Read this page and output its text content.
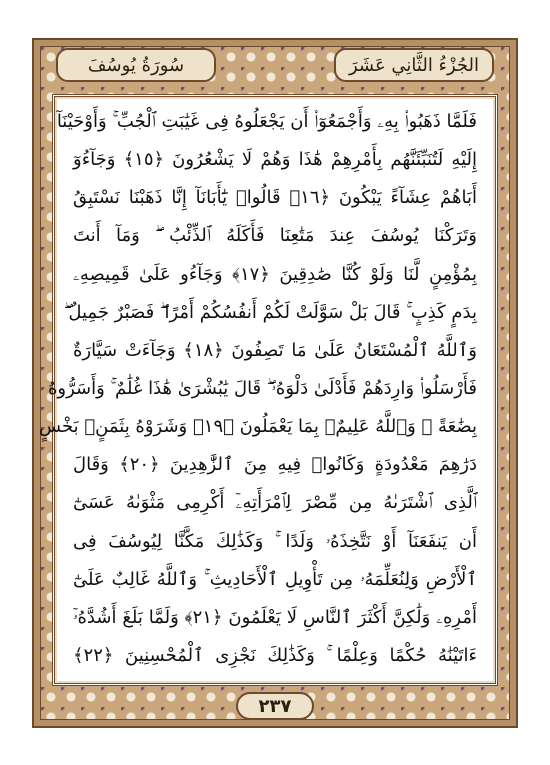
سُورَةُ يُوسُفَ	الجُزْءُ الثَّانِي عَشَرَ
فَلَمَّا ذَهَبُوا۟ بِهِۦ وَأَجْمَعُوٓا۟ أَن يَجْعَلُوهُ فِى غَيَٰبَتِ ٱلْجُبِّ ۚ وَأَوْحَيْنَآ
إِلَيْهِ لَتُنَبِّئَنَّهُم بِأَمْرِهِمْ هَٰذَا وَهُمْ لَا يَشْعُرُونَ ﴿١٥﴾ وَجَآءُوٓ
أَبَاهُمْ عِشَآءً يَبْكُونَ ﴿١٦﴾ قَالُوا۟ يَٰٓأَبَانَآ إِنَّا ذَهَبْنَا نَسْتَبِقُ
وَتَرَكْنَا يُوسُفَ عِندَ مَتَٰعِنَا فَأَكَلَهُ ٱلذِّئْبُ ۖ وَمَآ أَنتَ
بِمُؤْمِنٍ لَّنَا وَلَوْ كُنَّا صَٰدِقِينَ ﴿١٧﴾ وَجَآءُو عَلَىٰ قَمِيصِهِۦ
بِدَمٍ كَذِبٍ ۚ قَالَ بَلْ سَوَّلَتْ لَكُمْ أَنفُسُكُمْ أَمْرًا ۖ فَصَبْرٌ جَمِيلٌ ۖ
وَٱللَّهُ ٱلْمُسْتَعَانُ عَلَىٰ مَا تَصِفُونَ ﴿١٨﴾ وَجَآءَتْ سَيَّارَةٌ
فَأَرْسَلُوا۟ وَارِدَهُمْ فَأَدْلَىٰ دَلْوَهُۥ ۖ قَالَ يَٰبُشْرَىٰ هَٰذَا غُلَٰمٌ ۚ وَأَسَرُّوهُ
بِضَٰعَةً ۚ وَٱللَّهُ عَلِيمٌۢ بِمَا يَعْمَلُونَ ﴿١٩﴾ وَشَرَوْهُ بِثَمَنٍۭ بَخْسٍ
دَرَٰهِمَ مَعْدُودَةٍ وَكَانُوا۟ فِيهِ مِنَ ٱلزَّٰهِدِينَ ﴿٢٠﴾ وَقَالَ
ٱلَّذِى ٱشْتَرَىٰهُ مِن مِّصْرَ لِٱمْرَأَتِهِۦٓ أَكْرِمِى مَثْوَىٰهُ عَسَىٰٓ
أَن يَنفَعَنَآ أَوْ نَتَّخِذَهُۥ وَلَدًا ۚ وَكَذَٰلِكَ مَكَّنَّا لِيُوسُفَ فِى
ٱلْأَرْضِ وَلِنُعَلِّمَهُۥ مِن تَأْوِيلِ ٱلْأَحَادِيثِ ۚ وَٱللَّهُ غَالِبٌ عَلَىٰٓ
أَمْرِهِۦ وَلَٰكِنَّ أَكْثَرَ ٱلنَّاسِ لَا يَعْلَمُونَ ﴿٢١﴾ وَلَمَّا بَلَغَ أَشُدَّهُۥٓ
ءَاتَيْنَٰهُ حُكْمًا وَعِلْمًا ۚ وَكَذَٰلِكَ نَجْزِى ٱلْمُحْسِنِينَ ﴿٢٢﴾
٢٣٧
